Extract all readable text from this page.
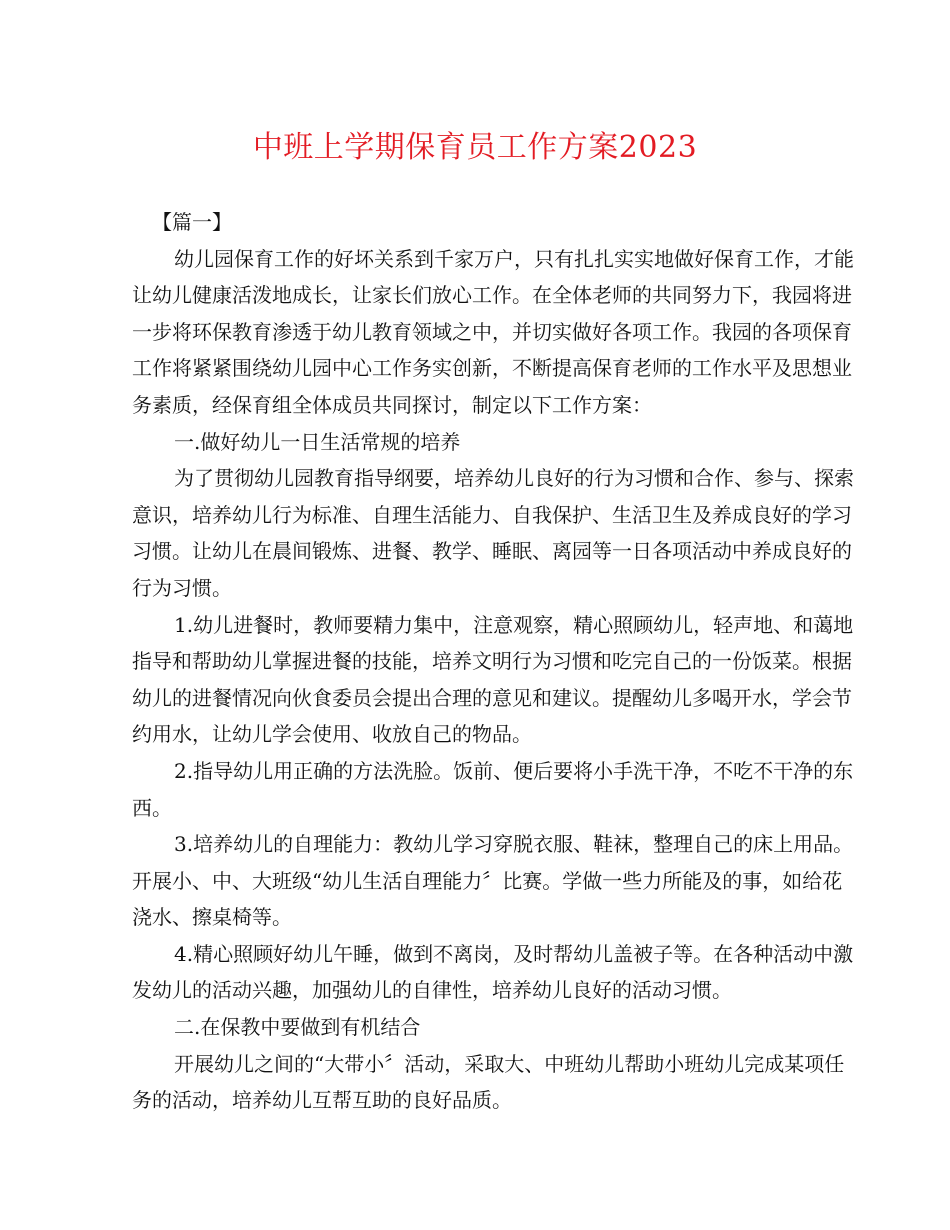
中班上学期保育员工作方案2023
【篇一】
幼儿园保育工作的好坏关系到千家万户，只有扎扎实实地做好保育工作，才能
让幼儿健康活泼地成长，让家长们放心工作。在全体老师的共同努力下，我园将进
一步将环保教育渗透于幼儿教育领域之中，并切实做好各项工作。我园的各项保育
工作将紧紧围绕幼儿园中心工作务实创新，不断提高保育老师的工作水平及思想业
务素质，经保育组全体成员共同探讨，制定以下工作方案：
一.做好幼儿一日生活常规的培养
为了贯彻幼儿园教育指导纲要，培养幼儿良好的行为习惯和合作、参与、探索
意识，培养幼儿行为标准、自理生活能力、自我保护、生活卫生及养成良好的学习
习惯。让幼儿在晨间锻炼、进餐、教学、睡眠、离园等一日各项活动中养成良好的
行为习惯。
1.幼儿进餐时，教师要精力集中，注意观察，精心照顾幼儿，轻声地、和蔼地
指导和帮助幼儿掌握进餐的技能，培养文明行为习惯和吃完自己的一份饭菜。根据
幼儿的进餐情况向伙食委员会提出合理的意见和建议。提醒幼儿多喝开水，学会节
约用水，让幼儿学会使用、收放自己的物品。
2.指导幼儿用正确的方法洗脸。饭前、便后要将小手洗干净，不吃不干净的东
西。
3.培养幼儿的自理能力：教幼儿学习穿脱衣服、鞋袜，整理自己的床上用品。
开展小、中、大班级“幼儿生活自理能力〞比赛。学做一些力所能及的事，如给花
浇水、擦桌椅等。
4.精心照顾好幼儿午睡，做到不离岗，及时帮幼儿盖被子等。在各种活动中激
发幼儿的活动兴趣，加强幼儿的自律性，培养幼儿良好的活动习惯。
二.在保教中要做到有机结合
开展幼儿之间的“大带小〞活动，采取大、中班幼儿帮助小班幼儿完成某项任
务的活动，培养幼儿互帮互助的良好品质。
